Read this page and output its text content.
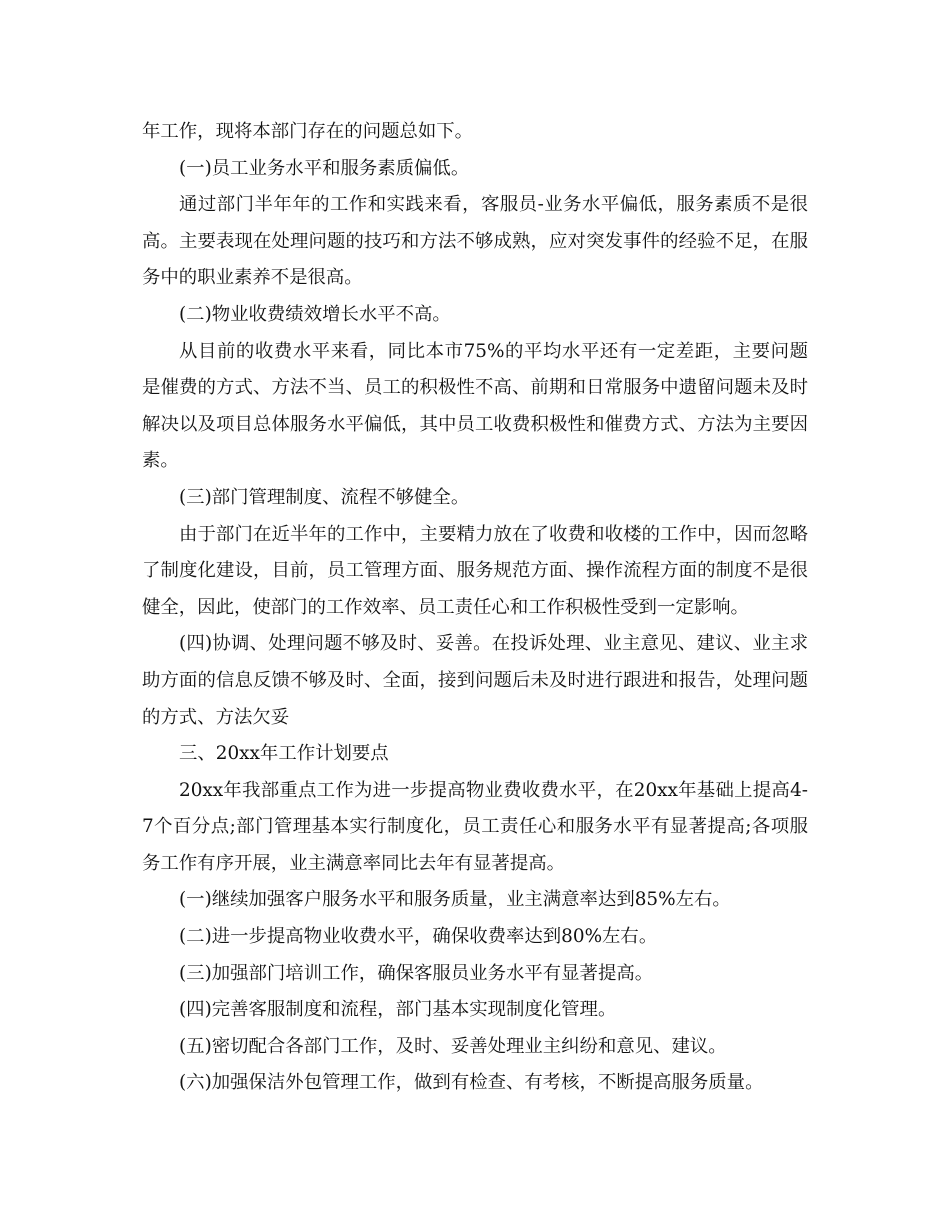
年工作，现将本部门存在的问题总如下。

(一)员工业务水平和服务素质偏低。

通过部门半年年的工作和实践来看，客服员-业务水平偏低，服务素质不是很高。主要表现在处理问题的技巧和方法不够成熟，应对突发事件的经验不足，在服务中的职业素养不是很高。

(二)物业收费绩效增长水平不高。

从目前的收费水平来看，同比本市75%的平均水平还有一定差距，主要问题是催费的方式、方法不当、员工的积极性不高、前期和日常服务中遗留问题未及时解决以及项目总体服务水平偏低，其中员工收费积极性和催费方式、方法为主要因素。

(三)部门管理制度、流程不够健全。

由于部门在近半年的工作中，主要精力放在了收费和收楼的工作中，因而忽略了制度化建设，目前，员工管理方面、服务规范方面、操作流程方面的制度不是很健全，因此，使部门的工作效率、员工责任心和工作积极性受到一定影响。

(四)协调、处理问题不够及时、妥善。在投诉处理、业主意见、建议、业主求助方面的信息反馈不够及时、全面，接到问题后未及时进行跟进和报告，处理问题的方式、方法欠妥

三、20xx年工作计划要点

20xx年我部重点工作为进一步提高物业费收费水平，在20xx年基础上提高4-7个百分点;部门管理基本实行制度化，员工责任心和服务水平有显著提高;各项服务工作有序开展，业主满意率同比去年有显著提高。

(一)继续加强客户服务水平和服务质量，业主满意率达到85%左右。

(二)进一步提高物业收费水平，确保收费率达到80%左右。

(三)加强部门培训工作，确保客服员业务水平有显著提高。

(四)完善客服制度和流程，部门基本实现制度化管理。

(五)密切配合各部门工作，及时、妥善处理业主纠纷和意见、建议。

(六)加强保洁外包管理工作，做到有检查、有考核，不断提高服务质量。
